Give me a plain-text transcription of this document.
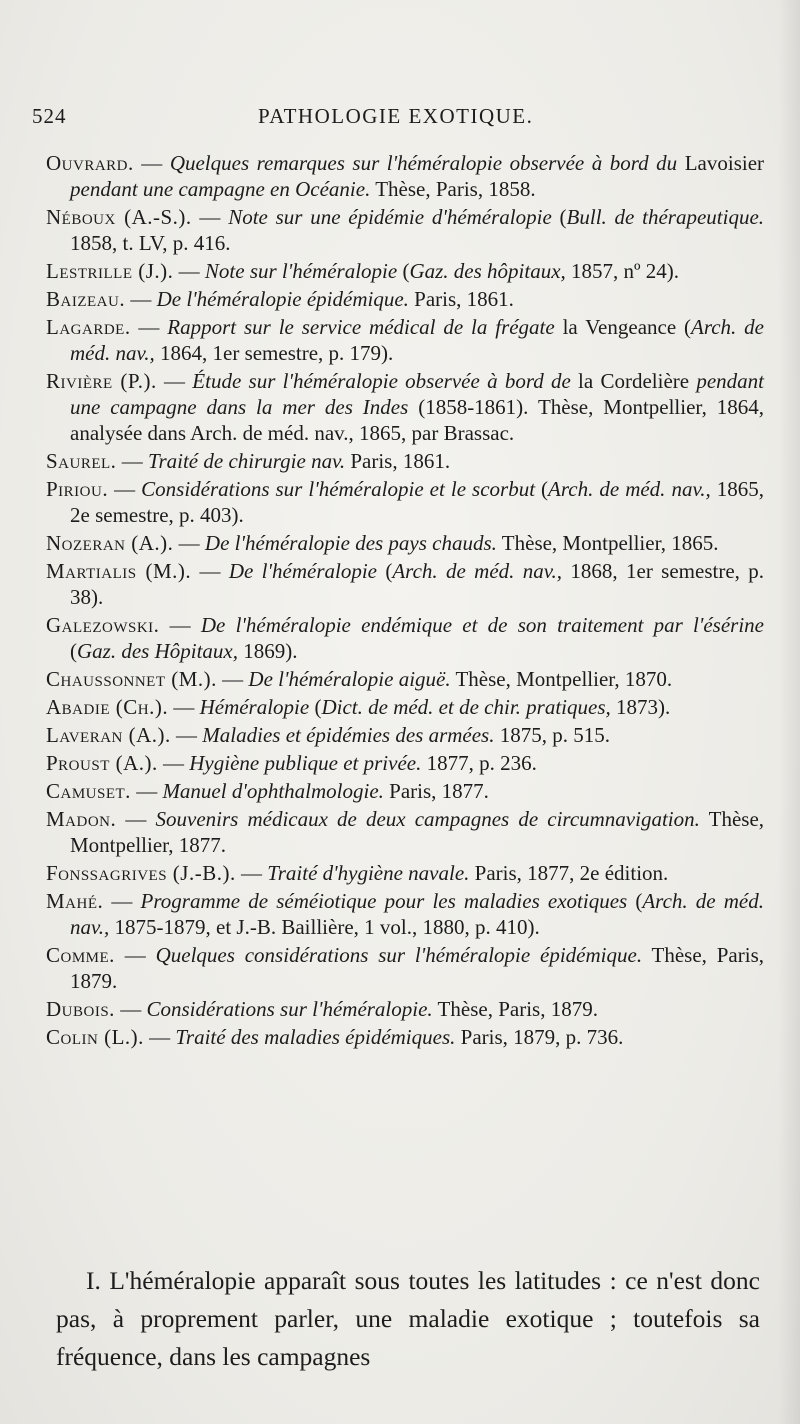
524	PATHOLOGIE EXOTIQUE.

Ouvrard. — Quelques remarques sur l'héméralopie observée à bord du Lavoisier pendant une campagne en Océanie. Thèse, Paris, 1858.

Néboux (A.-S.). — Note sur une épidémie d'héméralopie (Bull. de thérapeutique. 1858, t. LV, p. 416.

Lestrille (J.). — Note sur l'héméralopie (Gaz. des hôpitaux, 1857, nº 24).

Baizeau. — De l'héméralopie épidémique. Paris, 1861.

Lagarde. — Rapport sur le service médical de la frégate la Vengeance (Arch. de méd. nav., 1864, 1er semestre, p. 179).

Rivière (P.). — Étude sur l'héméralopie observée à bord de la Cordelière pendant une campagne dans la mer des Indes (1858-1861). Thèse, Montpellier, 1864, analysée dans Arch. de méd. nav., 1865, par Brassac.

Saurel. — Traité de chirurgie nav. Paris, 1861.

Piriou. — Considérations sur l'héméralopie et le scorbut (Arch. de méd. nav., 1865, 2e semestre, p. 403).

Nozeran (A.). — De l'héméralopie des pays chauds. Thèse, Montpellier, 1865.

Martialis (M.). — De l'héméralopie (Arch. de méd. nav., 1868, 1er semestre, p. 38).

Galezowski. — De l'héméralopie endémique et de son traitement par l'ésérine (Gaz. des Hôpitaux, 1869).

Chaussonnet (M.). — De l'héméralopie aiguë. Thèse, Montpellier, 1870.

Abadie (Ch.). — Héméralopie (Dict. de méd. et de chir. pratiques, 1873).

Laveran (A.). — Maladies et épidémies des armées. 1875, p. 515.

Proust (A.). — Hygiène publique et privée. 1877, p. 236.

Camuset. — Manuel d'ophthalmologie. Paris, 1877.

Madon. — Souvenirs médicaux de deux campagnes de circumnavigation. Thèse, Montpellier, 1877.

Fonssagrives (J.-B.). — Traité d'hygiène navale. Paris, 1877, 2e édition.

Mahé. — Programme de séméiotique pour les maladies exotiques (Arch. de méd. nav., 1875-1879, et J.-B. Baillière, 1 vol., 1880, p. 410).

Comme. — Quelques considérations sur l'héméralopie épidémique. Thèse, Paris, 1879.

Dubois. — Considérations sur l'héméralopie. Thèse, Paris, 1879.

Colin (L.). — Traité des maladies épidémiques. Paris, 1879, p. 736.

I. L'héméralopie apparaît sous toutes les latitudes : ce n'est donc pas, à proprement parler, une maladie exotique ; toutefois sa fréquence, dans les campagnes
